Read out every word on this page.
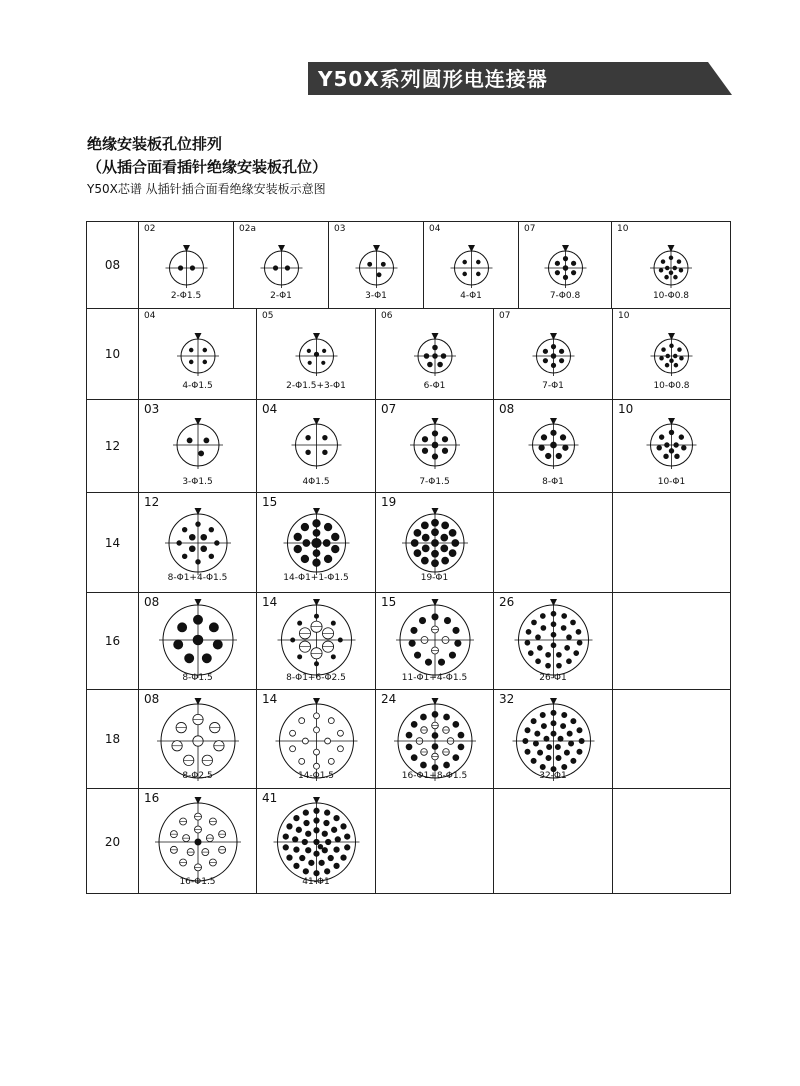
Y50X系列圆形电连接器
绝缘安装板孔位排列
（从插合面看插针绝缘安装板孔位）
Y50X芯谱 从插针插合面看绝缘安装板示意图
08
02
2-Φ1.5
02a
2-Φ1
03
3-Φ1
04
4-Φ1
07
7-Φ0.8
10
10-Φ0.8
10
04
4-Φ1.5
05
2-Φ1.5+3-Φ1
06
6-Φ1
07
7-Φ1
10
10-Φ0.8
12
03
3-Φ1.5
04
4Φ1.5
07
7-Φ1.5
08
8-Φ1
10
10-Φ1
14
12
8-Φ1+4-Φ1.5
15
14-Φ1+1-Φ1.5
19
19-Φ1
16
08
8-Φ1.5
14
8-Φ1+6-Φ2.5
15
11-Φ1+4-Φ1.5
26
26-Φ1
18
08
8-Φ2.5
14
14-Φ1.5
24
16-Φ1+8-Φ1.5
32
32-Φ1
20
16
16-Φ1.5
41
41-Φ1
